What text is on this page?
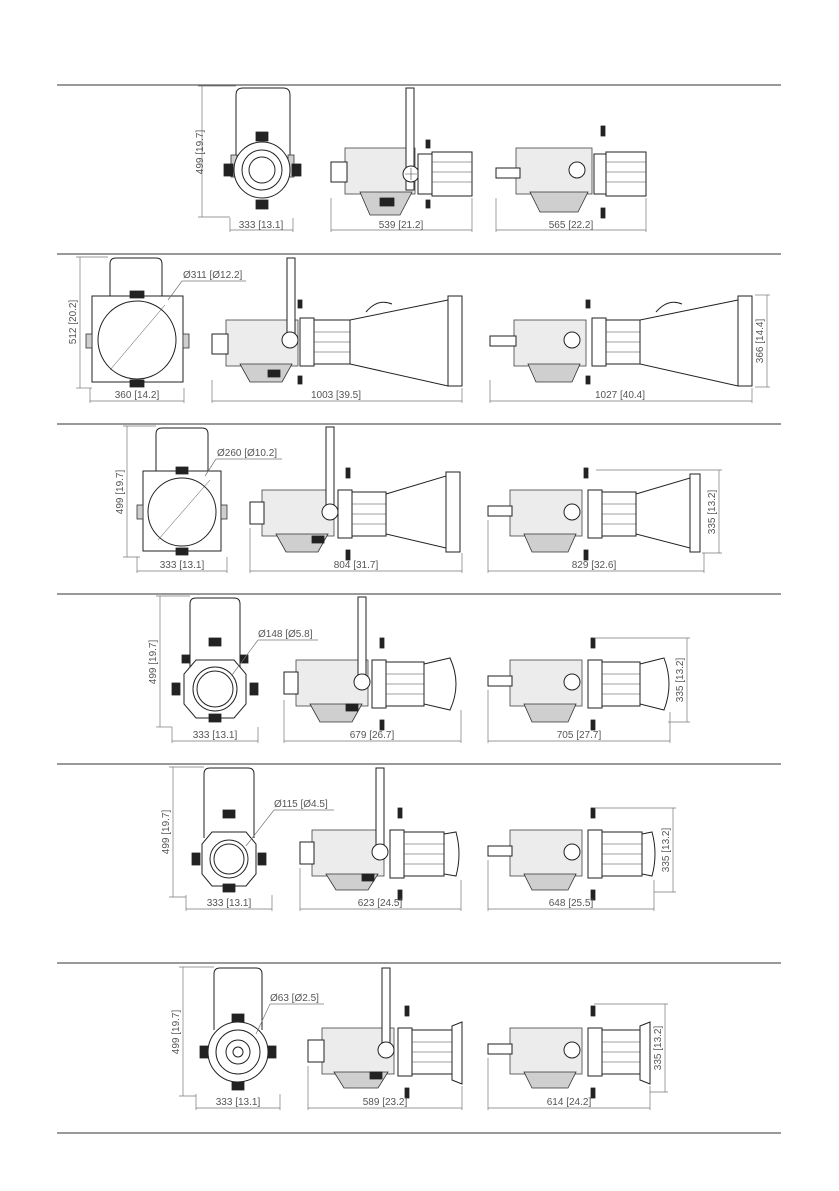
499 [19.7]
333 [13.1]	539 [21.2]	565 [22.2]
Ø311 [Ø12.2]
512 [20.2]
360 [14.2]	1003 [39.5]	1027 [40.4]
366 [14.4]
Ø260 [Ø10.2]
499 [19.7]
333 [13.1]	804 [31.7]	829 [32.6]
335 [13.2]
Ø148 [Ø5.8]
499 [19.7]
333 [13.1]	679 [26.7]	705 [27.7]
335 [13.2]
Ø115 [Ø4.5]
499 [19.7]
333 [13.1]	623 [24.5]	648 [25.5]
335 [13.2]
Ø63 [Ø2.5]
499 [19.7]
333 [13.1]	589 [23.2]	614 [24.2]
335 [13.2]
